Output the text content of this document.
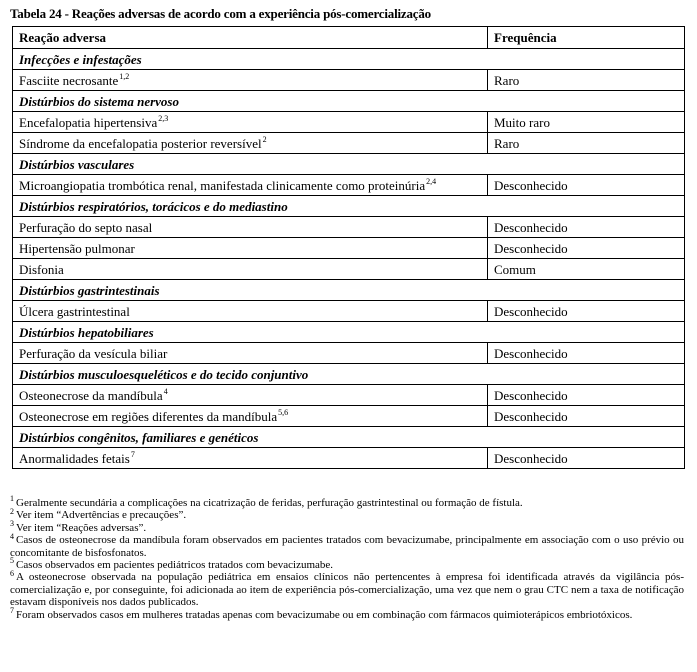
Tabela 24 - Reações adversas de acordo com a experiência pós-comercialização
Reação adversa	Frequência
Infecções e infestações	
Fasciite necrosante$^{1,2}$	Raro
Distúrbios do sistema nervoso	
Encefalopatia hipertensiva$^{2,3}$	Muito raro
Síndrome da encefalopatia posterior reversível$^2$	Raro
Distúrbios vasculares	
Microangiopatia trombótica renal, manifestada clinicamente como proteinúria$^{2,4}$	Desconhecido
Distúrbios respiratórios, torácicos e do mediastino	
Perfuração do septo nasal	Desconhecido
Hipertensão pulmonar	Desconhecido
Disfonia	Comum
Distúrbios gastrintestinais	
Úlcera gastrintestinal	Desconhecido
Distúrbios hepatobiliares	
Perfuração da vesícula biliar	Desconhecido
Distúrbios musculoesqueléticos e do tecido conjuntivo	
Osteonecrose da mandíbula$^4$	Desconhecido
Osteonecrose em regiões diferentes da mandíbula$^{5,6}$	Desconhecido
Distúrbios congênitos, familiares e genéticos	
Anormalidades fetais$^7$	Desconhecido

$^1$ Geralmente secundária a complicações na cicatrização de feridas, perfuração gastrintestinal ou formação de fístula.

$^2$ Ver item “Advertências e precauções”.

$^3$ Ver item “Reações adversas”.

$^4$ Casos de osteonecrose da mandíbula foram observados em pacientes tratados com bevacizumabe, principalmente em associação com o uso prévio ou concomitante de bisfosfonatos.

$^5$ Casos observados em pacientes pediátricos tratados com bevacizumabe.

$^6$ A osteonecrose observada na população pediátrica em ensaios clínicos não pertencentes à empresa foi identificada através da vigilância pós-comercialização e, por conseguinte, foi adicionada ao item de experiência pós-comercialização, uma vez que nem o grau CTC nem a taxa de notificação estavam disponíveis nos dados publicados.

$^7$ Foram observados casos em mulheres tratadas apenas com bevacizumabe ou em combinação com fármacos quimioterápicos embriotóxicos.
